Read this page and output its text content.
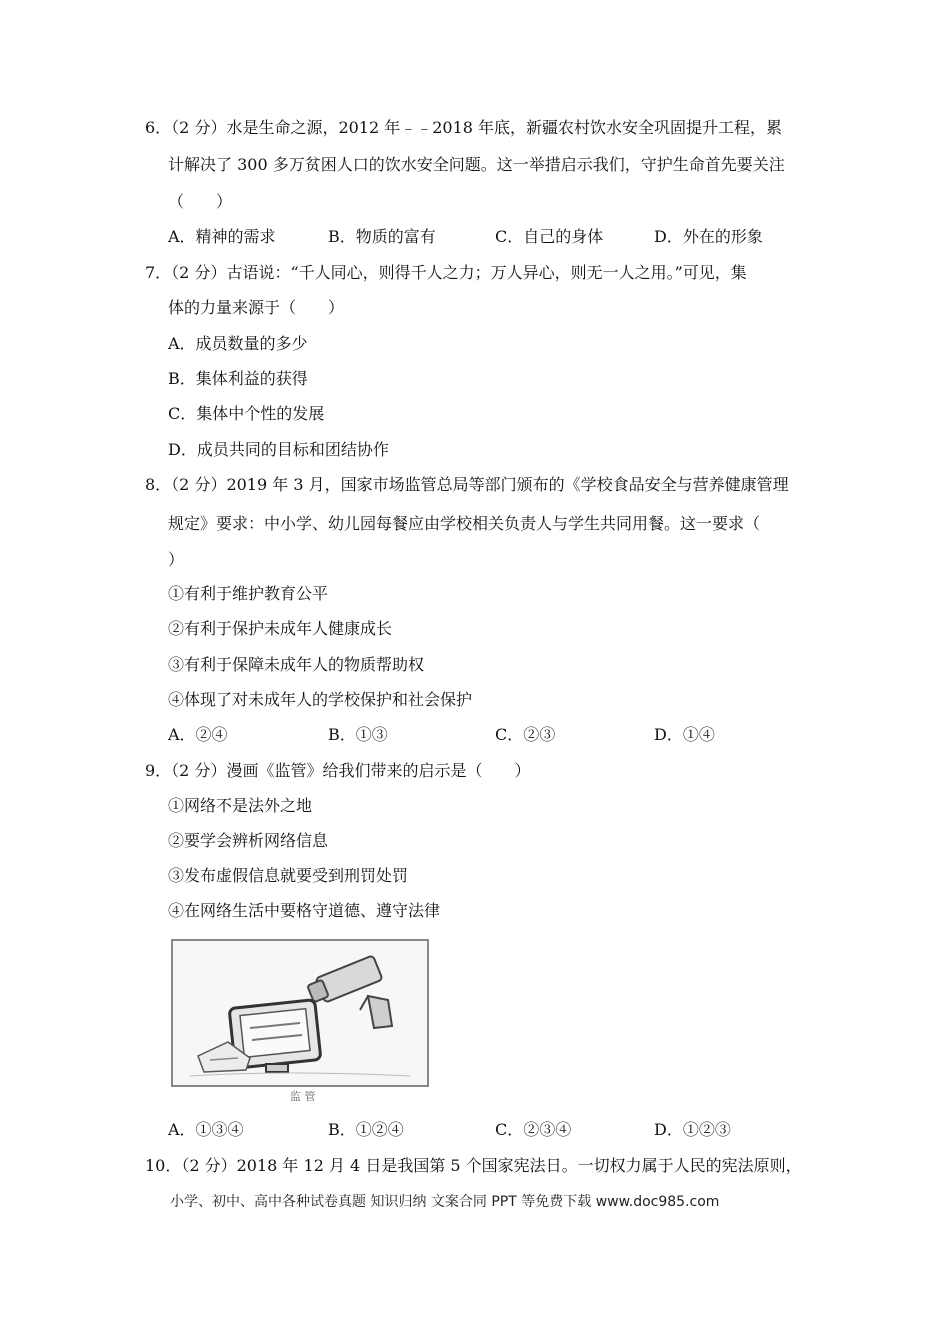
6．（2 分）水是生命之源，2012 年﹣﹣2018 年底，新疆农村饮水安全巩固提升工程，累
计解决了 300 多万贫困人口的饮水安全问题。这一举措启示我们，守护生命首先要关注
（　　）
A．精神的需求	B．物质的富有	C．自己的身体	D．外在的形象
7．（2 分）古语说：“千人同心，则得千人之力；万人异心，则无一人之用。”可见，集
体的力量来源于（　　）
A．成员数量的多少
B．集体利益的获得
C．集体中个性的发展
D．成员共同的目标和团结协作
8．（2 分）2019 年 3 月，国家市场监管总局等部门颁布的《学校食品安全与营养健康管理
规定》要求：中小学、幼儿园每餐应由学校相关负责人与学生共同用餐。这一要求（
）
①有利于维护教育公平
②有利于保护未成年人健康成长
③有利于保障未成年人的物质帮助权
④体现了对未成年人的学校保护和社会保护
A．②④	B．①③	C．②③	D．①④
9．（2 分）漫画《监管》给我们带来的启示是（　　）
①网络不是法外之地
②要学会辨析网络信息
③发布虚假信息就要受到刑罚处罚
④在网络生活中要格守道德、遵守法律
监 管
A．①③④	B．①②④	C．②③④	D．①②③
10．（2 分）2018 年 12 月 4 日是我国第 5 个国家宪法日。一切权力属于人民的宪法原则，
小学、初中、高中各种试卷真题 知识归纳 文案合同 PPT 等免费下载 www.doc985.com
